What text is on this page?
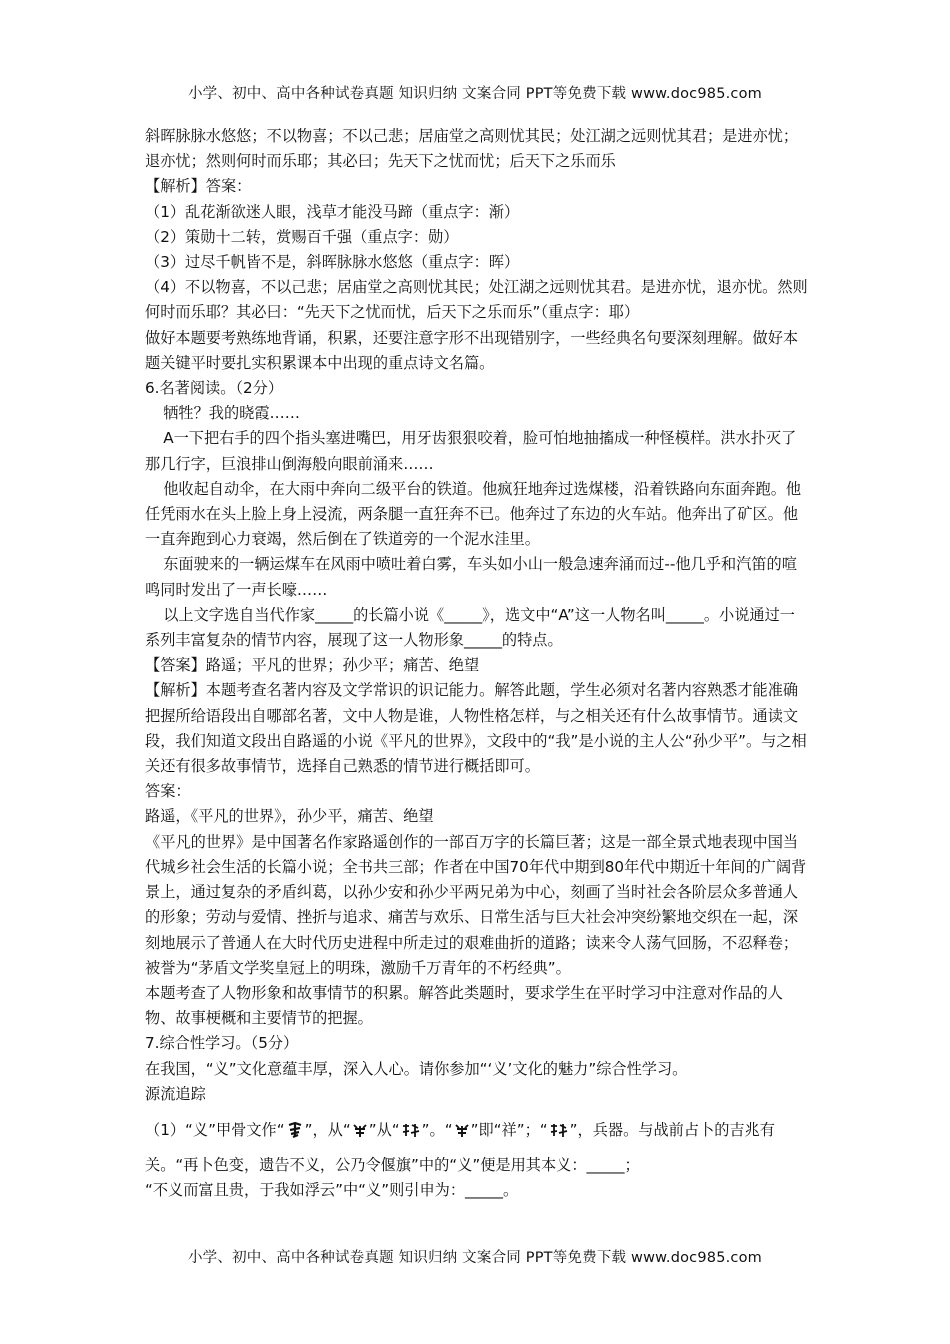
小学、初中、高中各种试卷真题 知识归纳 文案合同 PPT等免费下载 www.doc985.com

斜晖脉脉水悠悠；不以物喜；不以己悲；居庙堂之高则忧其民；处江湖之远则忧其君；是进亦忧；退亦忧；然则何时而乐耶；其必曰；先天下之忧而忧；后天下之乐而乐

【解析】答案：

（1）乱花渐欲迷人眼，浅草才能没马蹄（重点字：渐）

（2）策勋十二转，赏赐百千强（重点字：勋）

（3）过尽千帆皆不是，斜晖脉脉水悠悠（重点字：晖）

（4）不以物喜，不以己悲；居庙堂之高则忧其民；处江湖之远则忧其君。是进亦忧，退亦忧。然则何时而乐耶？其必曰：“先天下之忧而忧，后天下之乐而乐”（重点字：耶）

做好本题要考熟练地背诵，积累，还要注意字形不出现错别字，一些经典名句要深刻理解。做好本题关键平时要扎实积累课本中出现的重点诗文名篇。

6.名著阅读。（2分）

牺牲？我的晓霞……

A一下把右手的四个指头塞进嘴巴，用牙齿狠狠咬着，脸可怕地抽搐成一种怪模样。洪水扑灭了那几行字，巨浪排山倒海般向眼前涌来……

他收起自动伞，在大雨中奔向二级平台的铁道。他疯狂地奔过选煤楼，沿着铁路向东面奔跑。他任凭雨水在头上脸上身上浸流，两条腿一直狂奔不已。他奔过了东边的火车站。他奔出了矿区。他一直奔跑到心力衰竭，然后倒在了铁道旁的一个泥水洼里。

东面驶来的一辆运煤车在风雨中喷吐着白雾，车头如小山一般急速奔涌而过--他几乎和汽笛的喧鸣同时发出了一声长嚎……

以上文字选自当代作家_____的长篇小说《_____》，选文中“A”这一人物名叫_____。小说通过一系列丰富复杂的情节内容，展现了这一人物形象_____的特点。

【答案】路遥；平凡的世界；孙少平；痛苦、绝望

【解析】本题考查名著内容及文学常识的识记能力。解答此题，学生必须对名著内容熟悉才能准确把握所给语段出自哪部名著，文中人物是谁，人物性格怎样，与之相关还有什么故事情节。通读文段，我们知道文段出自路遥的小说《平凡的世界》，文段中的“我”是小说的主人公“孙少平”。与之相关还有很多故事情节，选择自己熟悉的情节进行概括即可。

答案：

路遥，《平凡的世界》，孙少平，痛苦、绝望

《平凡的世界》是中国著名作家路遥创作的一部百万字的长篇巨著；这是一部全景式地表现中国当代城乡社会生活的长篇小说；全书共三部；作者在中国70年代中期到80年代中期近十年间的广阔背景上，通过复杂的矛盾纠葛，以孙少安和孙少平两兄弟为中心，刻画了当时社会各阶层众多普通人的形象；劳动与爱情、挫折与追求、痛苦与欢乐、日常生活与巨大社会冲突纷繁地交织在一起，深刻地展示了普通人在大时代历史进程中所走过的艰难曲折的道路；读来令人荡气回肠，不忍释卷；被誉为“茅盾文学奖皇冠上的明珠，激励千万青年的不朽经典”。

本题考查了人物形象和故事情节的积累。解答此类题时，要求学生在平时学习中注意对作品的人物、故事梗概和主要情节的把握。

7.综合性学习。（5分）

在我国，“义”文化意蕴丰厚，深入人心。请你参加“‘义’文化的魅力”综合性学习。

源流追踪

（1）“义”甲骨文作“ ”，从“ ”从“ ”。“ ”即“祥”；“ ”，兵器。与战前占卜的吉兆有

关。“再卜色变，遗告不义，公乃令偃旗”中的“义”便是用其本义：_____；

“不义而富且贵，于我如浮云”中“义”则引申为：_____。

小学、初中、高中各种试卷真题 知识归纳 文案合同 PPT等免费下载 www.doc985.com
